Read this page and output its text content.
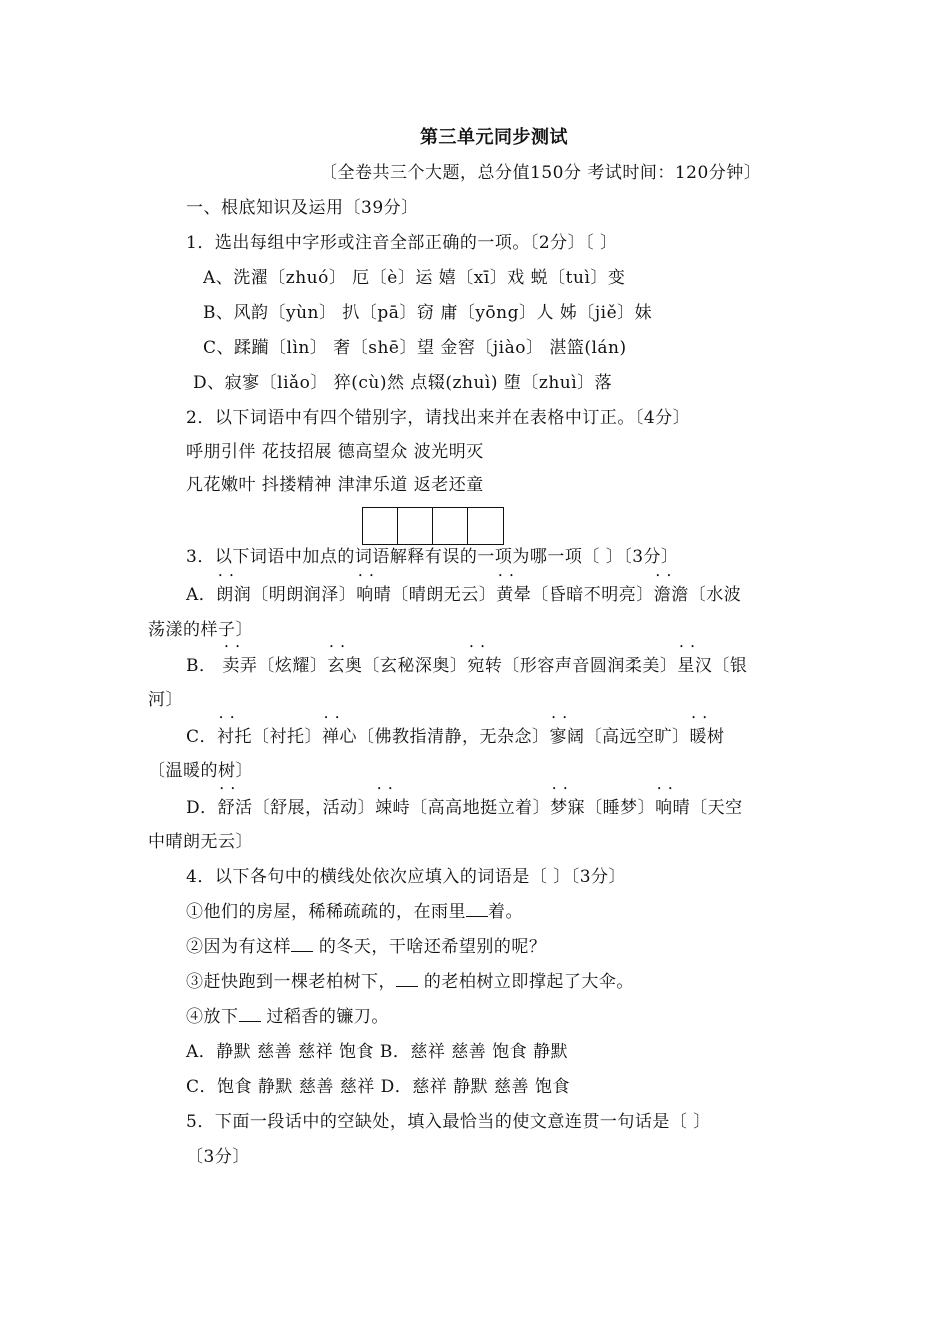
第三单元同步测试
〔全卷共三个大题，总分值150分 考试时间：120分钟〕
一、根底知识及运用〔39分〕
1．选出每组中字形或注音全部正确的一项。〔2分〕〔 〕
A、洗濯〔zhuó〕 厄〔è〕运 嬉〔xī〕戏 蜕〔tuì〕变
B、风韵〔yùn〕 扒〔pā〕窃 庸〔yōng〕人 姊〔jiě〕妹
C、蹂躏〔lìn〕 奢〔shē〕望 金窖〔jiào〕 湛篮(lán)
D、寂寥〔liǎo〕 猝(cù)然 点辍(zhuì) 堕〔zhuì〕落
2．以下词语中有四个错别字，请找出来并在表格中订正。〔4分〕
呼朋引伴 花技招展 德高望众 波光明灭
凡花嫩叶 抖搂精神 津津乐道 返老还童
3．以下词语中加点的词语解释有误的一项为哪一项〔 〕〔3分〕
A．• • 朗润〔明朗润泽〕• • 响晴〔晴朗无云〕• • 黄晕〔昏暗不明亮〕• • 澹澹〔水波
荡漾的样子〕
B． • • 卖弄〔炫耀〕• • 玄奥〔玄秘深奥〕• • 宛转〔形容声音圆润柔美〕• • 星汉〔银
河〕
C．• • 衬托〔衬托〕• • 禅心〔佛教指清静，无杂念〕• • 寥阔〔高远空旷〕• • 暖树
〔温暖的树〕
D．• • 舒活〔舒展，活动〕• • 竦峙〔高高地挺立着〕• • 梦寐〔睡梦〕• • 响晴〔天空
中晴朗无云〕
4．以下各句中的横线处依次应填入的词语是〔 〕〔3分〕
①他们的房屋，稀稀疏疏的，在雨里 着。
②因为有这样 的冬天，干啥还希望别的呢？
③赶快跑到一棵老柏树下， 的老柏树立即撑起了大伞。
④放下 过稻香的镰刀。
A．静默 慈善 慈祥 饱食 B．慈祥 慈善 饱食 静默
C．饱食 静默 慈善 慈祥 D．慈祥 静默 慈善 饱食
5．下面一段话中的空缺处，填入最恰当的使文意连贯一句话是〔 〕
〔3分〕
